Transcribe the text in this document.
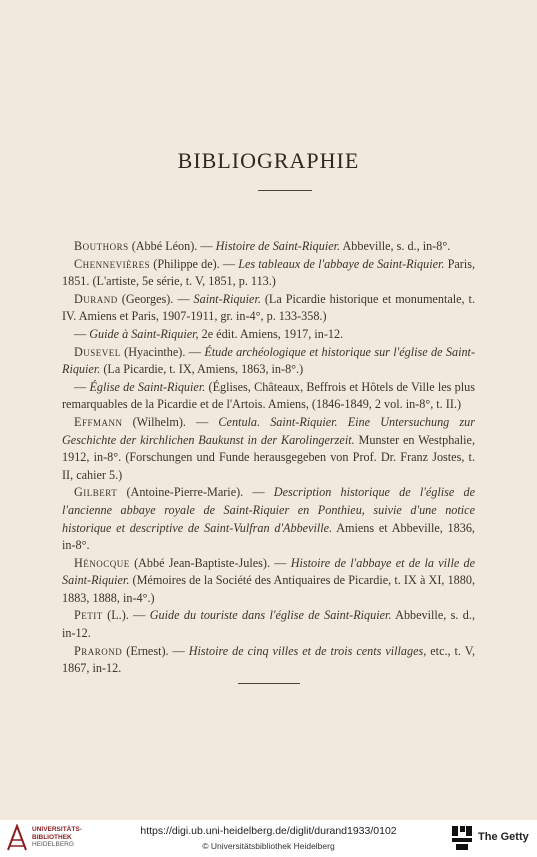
BIBLIOGRAPHIE

Bouthors (Abbé Léon). — Histoire de Saint-Riquier. Abbeville, s. d., in-8°.

Chennevières (Philippe de). — Les tableaux de l'abbaye de Saint-Riquier. Paris, 1851. (L'artiste, 5e série, t. V, 1851, p. 113.)

Durand (Georges). — Saint-Riquier. (La Picardie historique et monumentale, t. IV. Amiens et Paris, 1907-1911, gr. in-4°, p. 133-358.)

— Guide à Saint-Riquier, 2e édit. Amiens, 1917, in-12.

Dusevel (Hyacinthe). — Étude archéologique et historique sur l'église de Saint-Riquier. (La Picardie, t. IX, Amiens, 1863, in-8°.)

— Église de Saint-Riquier. (Églises, Châteaux, Beffrois et Hôtels de Ville les plus remarquables de la Picardie et de l'Artois. Amiens, (1846-1849, 2 vol. in-8°, t. II.)

Effmann (Wilhelm). — Centula. Saint-Riquier. Eine Untersuchung zur Geschichte der kirchlichen Baukunst in der Karolingerzeit. Munster en Westphalie, 1912, in-8°. (Forschungen und Funde herausgegeben von Prof. Dr. Franz Jostes, t. II, cahier 5.)

Gilbert (Antoine-Pierre-Marie). — Description historique de l'église de l'ancienne abbaye royale de Saint-Riquier en Ponthieu, suivie d'une notice historique et descriptive de Saint-Vulfran d'Abbeville. Amiens et Abbeville, 1836, in-8°.

Hénocque (Abbé Jean-Baptiste-Jules). — Histoire de l'abbaye et de la ville de Saint-Riquier. (Mémoires de la Société des Antiquaires de Picardie, t. IX à XI, 1880, 1883, 1888, in-4°.)

Petit (L.). — Guide du touriste dans l'église de Saint-Riquier. Abbeville, s. d., in-12.

Prarond (Ernest). — Histoire de cinq villes et de trois cents villages, etc., t. V, 1867, in-12.

UNIVERSITÄTS-
BIBLIOTHEK
HEIDELBERG
https://digi.ub.uni-heidelberg.de/diglit/durand1933/0102
© Universitätsbibliothek Heidelberg
The Getty
